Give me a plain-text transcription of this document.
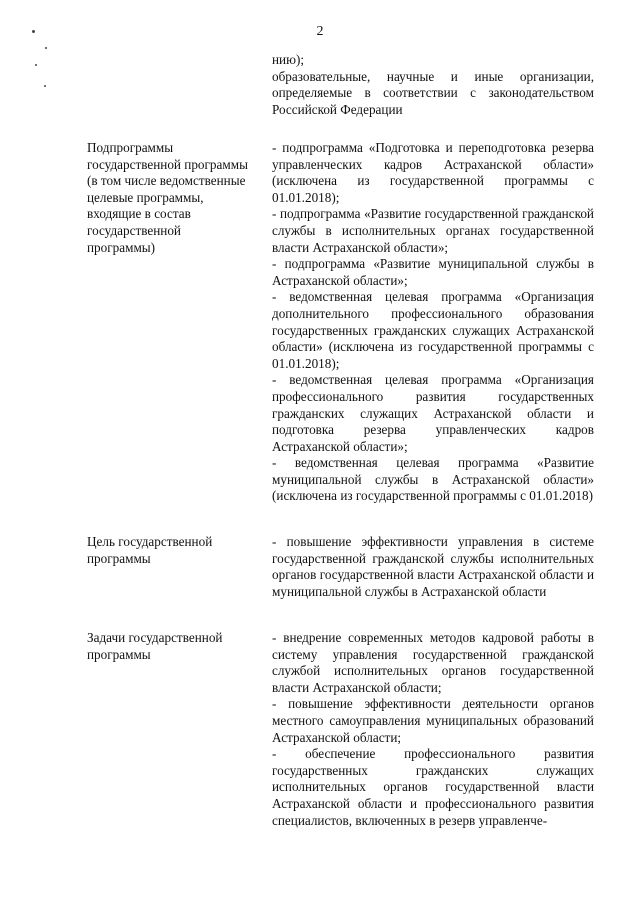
2

нию);

образовательные, научные и иные организации, определяемые в соответствии с законодательством Российской Федерации

Подпрограммы государственной программы (в том числе ведомственные целевые программы, входящие в состав государственной программы)

- подпрограмма «Подготовка и переподготовка резерва управленческих кадров Астраханской области» (исключена из государственной программы с 01.01.2018);

- подпрограмма «Развитие государственной гражданской службы в исполнительных органах государственной власти Астраханской области»;

- подпрограмма «Развитие муниципальной службы в Астраханской области»;

- ведомственная целевая программа «Организация дополнительного профессионального образования государственных гражданских служащих Астраханской области» (исключена из государственной программы с 01.01.2018);

- ведомственная целевая программа «Организация профессионального развития государственных гражданских служащих Астраханской области и подготовка резерва управленческих кадров Астраханской области»;

- ведомственная целевая программа «Развитие муниципальной службы в Астраханской области» (исключена из государственной программы с 01.01.2018)

Цель государственной программы

- повышение эффективности управления в системе государственной гражданской службы исполнительных органов государственной власти Астраханской области и муниципальной службы в Астраханской области

Задачи государственной программы

- внедрение современных методов кадровой работы в систему управления государственной гражданской службой исполнительных органов государственной власти Астраханской области;

- повышение эффективности деятельности органов местного самоуправления муниципальных образований Астраханской области;

- обеспечение профессионального развития государственных гражданских служащих исполнительных органов государственной власти Астраханской области и профессионального развития специалистов, включенных в резерв управленче-
